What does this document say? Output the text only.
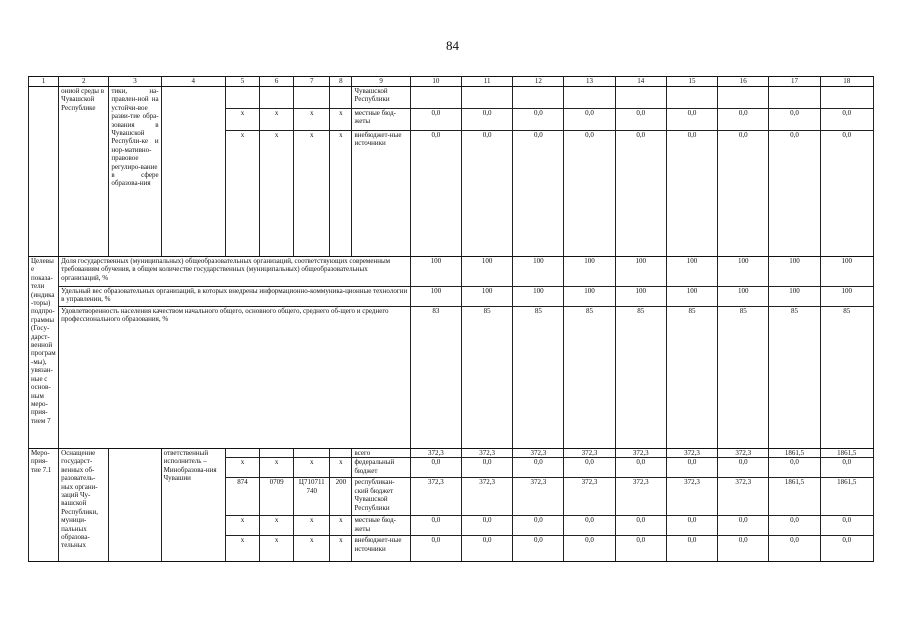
84
1	2	3	4	5	6	7	8	9	10	11	12	13	14	15	16	17	18
	ониой среды в Чувашской Республике	тики, на-правлен-ной на устойчи-вое разви-тие обра-зования в Чувашской Республи-ке и нор-мативно-правовое регулиро-вание в сфере образова-ния						Чувашской Республики									
				x	x	x	x	местные бюд-жеты	0,0	0,0	0,0	0,0	0,0	0,0	0,0	0,0	0,0
				x	x	x	x	внебюджет-ные источники	0,0	0,0	0,0	0,0	0,0	0,0	0,0	0,0	0,0
Целевые показа-тели (индика-торы) подпро-граммы (Госу-дарст-венной програм-мы), увязан-ные с основ-ным меро-прия-тием 7	Доля государственных (муниципальных) общеобразовательных организаций, соответствующих современным требованиям обучения, в общем количестве государственных (муниципальных) общеобразовательных организаций, %								100	100	100	100	100	100	100	100	100
	Удельный вес образовательных организаций, в которых внедрены информационно-коммуника-ционные технологии в управлении, %								100	100	100	100	100	100	100	100	100
	Удовлетворенность населения качеством начального общего, основного общего, среднего об-щего и среднего профессионального образования, %								83	85	85	85	85	85	85	85	85
Меро-прия-тие 7.1	Оснащение государст-венных об-разователь-ных органи-заций Чу-вашской Республики, муници-пальных образова-тельных		ответственный исполнитель – Минобразова-ния Чувашии					всего	372,3	372,3	372,3	372,3	372,3	372,3	372,3	1861,5	1861,5
				x	x	x	x	федеральный бюджет	0,0	0,0	0,0	0,0	0,0	0,0	0,0	0,0	0,0
				874	0709	Ц7107​11 740	200	республикан-ский бюджет Чувашской Республики	372,3	372,3	372,3	372,3	372,3	372,3	372,3	1861,5	1861,5
				x	x	x	x	местные бюд-жеты	0,0	0,0	0,0	0,0	0,0	0,0	0,0	0,0	0,0
				x	x	x	x	внебюджет-ные источники	0,0	0,0	0,0	0,0	0,0	0,0	0,0	0,0	0,0
